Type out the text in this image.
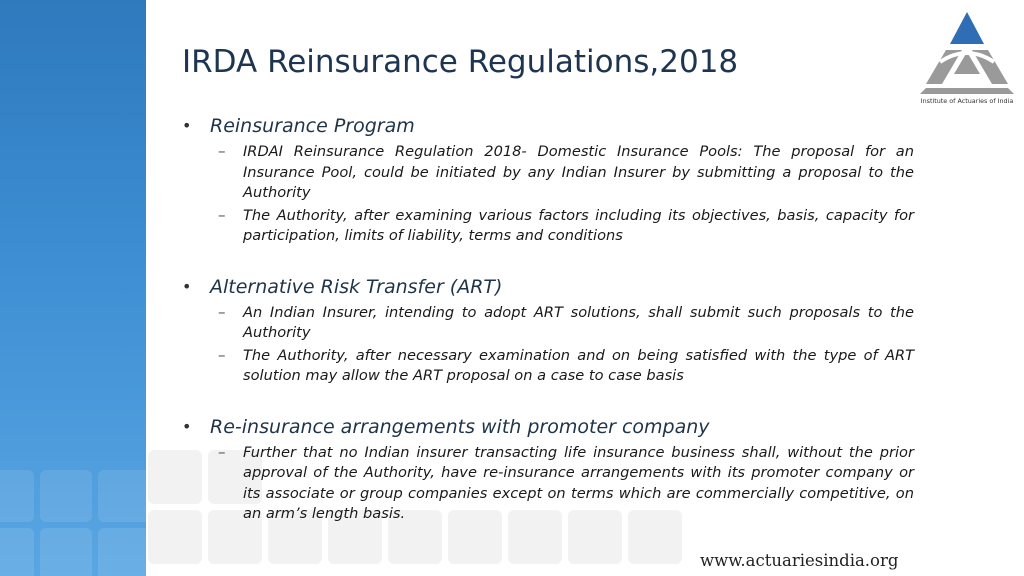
IRDA Reinsurance Regulations,2018
Institute of Actuaries of India
• Reinsurance Program
– IRDAI Reinsurance Regulation 2018- Domestic Insurance Pools: The proposal for an Insurance Pool, could be initiated by any Indian Insurer by submitting a proposal to the Authority

– The Authority, after examining various factors including its objectives, basis, capacity for participation, limits of liability, terms and conditions

• Alternative Risk Transfer (ART)
– An Indian Insurer, intending to adopt ART solutions, shall submit such proposals to the Authority

– The Authority, after necessary examination and on being satisfied with the type of ART solution may allow the ART proposal on a case to case basis

• Re-insurance arrangements with promoter company
– Further that no Indian insurer transacting life insurance business shall, without the prior approval of the Authority, have re-insurance arrangements with its promoter company or its associate or group companies except on terms which are commercially competitive, on an arm’s length basis.

www.actuariesindia.org
